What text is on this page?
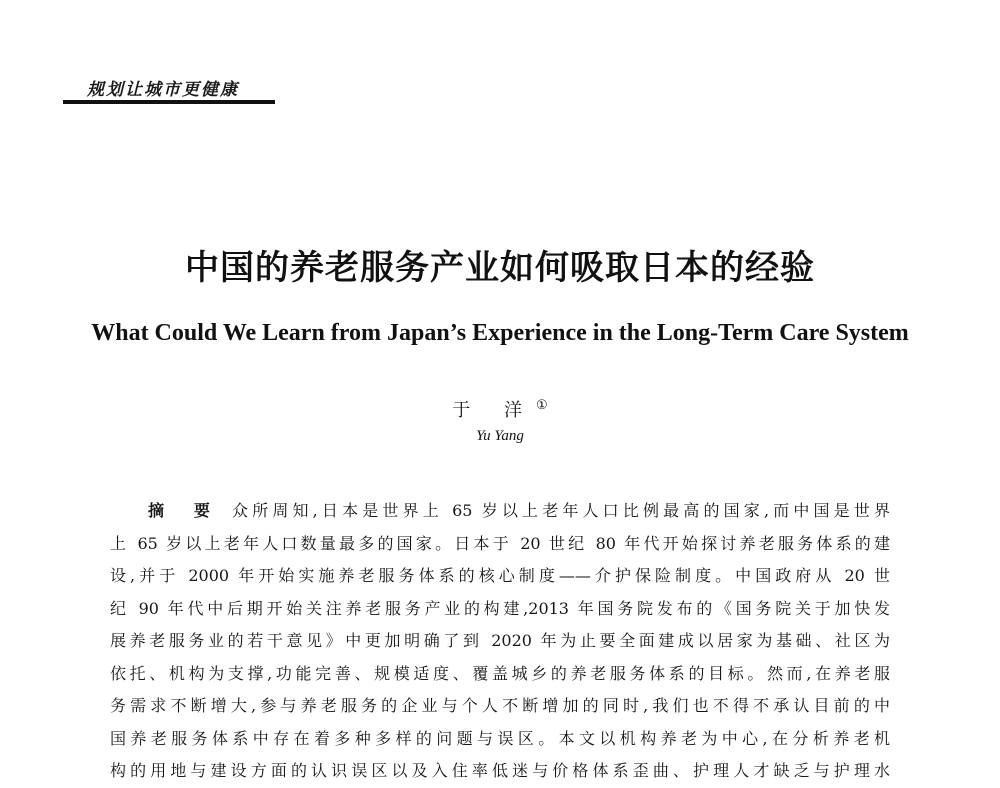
规划让城市更健康
中国的养老服务产业如何吸取日本的经验
What Could We Learn from Japan’s Experience in the Long-Term Care System
于 洋①
Yu Yang
摘 要 众所周知,日本是世界上 65 岁以上老年人口比例最高的国家,而中国是世界
上 65 岁以上老年人口数量最多的国家。日本于 20 世纪 80 年代开始探讨养老服务体系的建
设,并于 2000 年开始实施养老服务体系的核心制度——介护保险制度。中国政府从 20 世
纪 90 年代中后期开始关注养老服务产业的构建,2013 年国务院发布的《国务院关于加快发
展养老服务业的若干意见》中更加明确了到 2020 年为止要全面建成以居家为基础、社区为
依托、机构为支撑,功能完善、规模适度、覆盖城乡的养老服务体系的目标。然而,在养老服
务需求不断增大,参与养老服务的企业与个人不断增加的同时,我们也不得不承认目前的中
国养老服务体系中存在着多种多样的问题与误区。本文以机构养老为中心,在分析养老机
构的用地与建设方面的认识误区以及入住率低迷与价格体系歪曲、护理人才缺乏与护理水
